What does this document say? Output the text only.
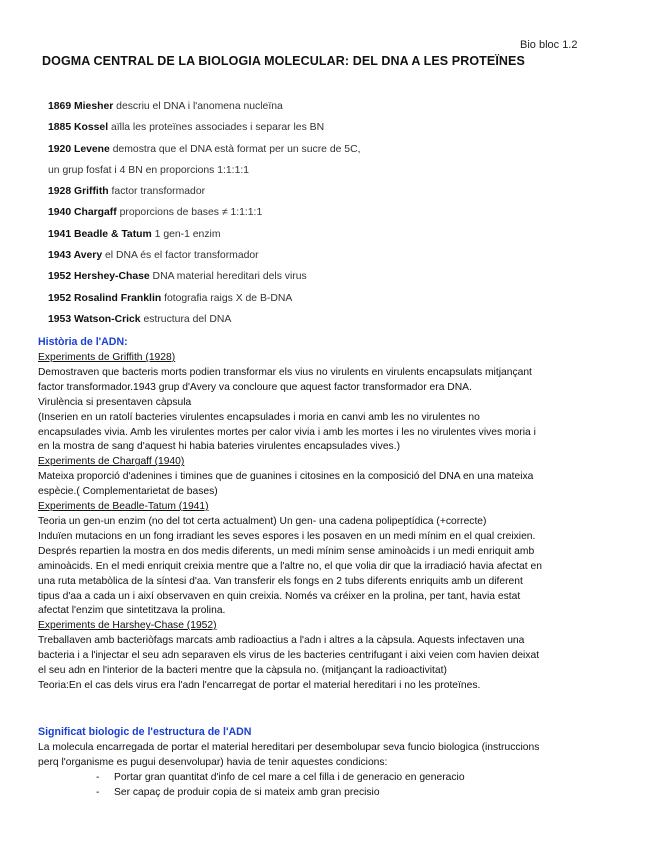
Bio bloc 1.2
DOGMA CENTRAL DE LA BIOLOGIA MOLECULAR: DEL DNA A LES PROTEÏNES
1869 Miesher descriu el DNA i l'anomena nucleïna
1885 Kossel aïlla les proteïnes associades i separar les BN
1920 Levene demostra que el DNA està format per un sucre de 5C,
un grup fosfat i 4 BN en proporcions 1:1:1:1
1928 Griffith factor transformador
1940 Chargaff proporcions de bases ≠ 1:1:1:1
1941 Beadle & Tatum 1 gen-1 enzim
1943 Avery el DNA és el factor transformador
1952 Hershey-Chase DNA material hereditari dels virus
1952 Rosalind Franklin fotografia raigs X de B-DNA
1953 Watson-Crick estructura del DNA
Història de l'ADN:
Experiments de Griffith (1928)
Demostraven que bacteris morts podien transformar els vius no virulents en virulents encapsulats mitjançant
factor transformador.1943 grup d'Avery va concloure que aquest factor transformador era DNA.
Virulència si presentaven càpsula
(Inserien en un ratolí bacteries virulentes encapsulades i moria en canvi amb les no virulentes no
encapsulades vivia. Amb les virulentes mortes per calor vivia i amb les mortes i les no virulentes vives moria i
en la mostra de sang d'aquest hi habia bateries virulentes encapsulades vives.)
Experiments de Chargaff (1940)
Mateixa proporció d'adenines i timines que de guanines i citosines en la composició del DNA en una mateixa
espècie.( Complementarietat de bases)
Experiments de Beadle-Tatum (1941)
Teoria un gen-un enzim (no del tot certa actualment) Un gen- una cadena polipeptídica (+correcte)
Induïen mutacions en un fong irradiant les seves espores i les posaven en un medi mínim en el qual creixien.
Després repartien la mostra en dos medis diferents, un medi mínim sense aminoàcids i un medi enriquit amb
aminoàcids. En el medi enriquit creixia mentre que a l'altre no, el que volia dir que la irradiació havia afectat en
una ruta metabòlica de la síntesi d'aa. Van transferir els fongs en 2 tubs diferents enriquits amb un diferent
tipus d'aa a cada un i així observaven en quin creixia. Només va créixer en la prolina, per tant, havia estat
afectat l'enzim que sintetitzava la prolina.
Experiments de Harshey-Chase (1952)
Treballaven amb bacteriòfags marcats amb radioactius a l'adn i altres a la càpsula. Aquests infectaven una
bacteria i a l'injectar el seu adn separaven els virus de les bacteries centrifugant i aixi veien com havien deixat
el seu adn en l'interior de la bacteri mentre que la càpsula no. (mitjançant la radioactivitat)
Teoria:En el cas dels virus era l'adn l'encarregat de portar el material hereditari i no les proteïnes.
Significat biologic de l'estructura de l'ADN
La molecula encarregada de portar el material hereditari per desembolupar seva funcio biologica (instruccions
perq l'organisme es pugui desenvolupar) havia de tenir aquestes condicions:
-	Portar gran quantitat d'info de cel mare a cel filla i de generacio en generacio
-	Ser capaç de produir copia de si mateix amb gran precisio
